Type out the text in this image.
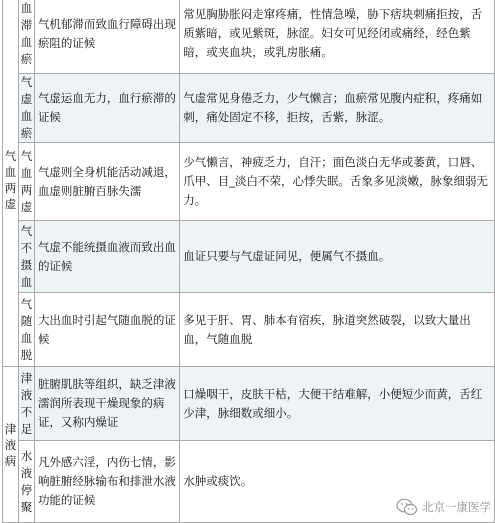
气血两虚	血滞血瘀	气机郁滞而致血行障碍出现瘀阻的证候	常见胸胁胀闷走窜疼痛，性情急噪，胁下痞块刺痛拒按，舌质紫暗，或见紫斑，脉涩。妇女可见经闭或痛经，经色紫暗，或夹血块，或乳房胀痛。
	气虚血瘀	气虚运血无力，血行瘀滞的证候	气虚常见身倦乏力，少气懒言；血瘀常见腹内症积，疼痛如刺，痛处固定不移，拒按，舌紫，脉涩。
	气血两虚	气虚则全身机能活动减退，血虚则脏腑百脉失濡	少气懒言，神疲乏力，自汗；面色淡白无华或萎黄，口唇、爪甲、目_淡白不荣，心悸失眠。舌象多见淡嫩，脉象细弱无力。
	气不摄血	气虚不能统摄血液而致出血的证候	血证只要与气虚证同见，便属气不摄血。
	气随血脱	大出血时引起气随血脱的证候	多见于肝、胃、肺本有宿疾，脉道突然破裂，以致大量出血，气随血脱
津液病	津液不足	脏腑肌肤等组织，缺乏津液濡润所表现干燥现象的病证，又称内燥证	口燥咽干，皮肤干枯，大便干结难解，小便短少而黄，舌红少津，脉细数或细小。
	水液停聚	凡外感六淫，内伤七情，影响脏腑经脉输布和排泄水液功能的证候	水肿或痰饮。
北京一康医学
